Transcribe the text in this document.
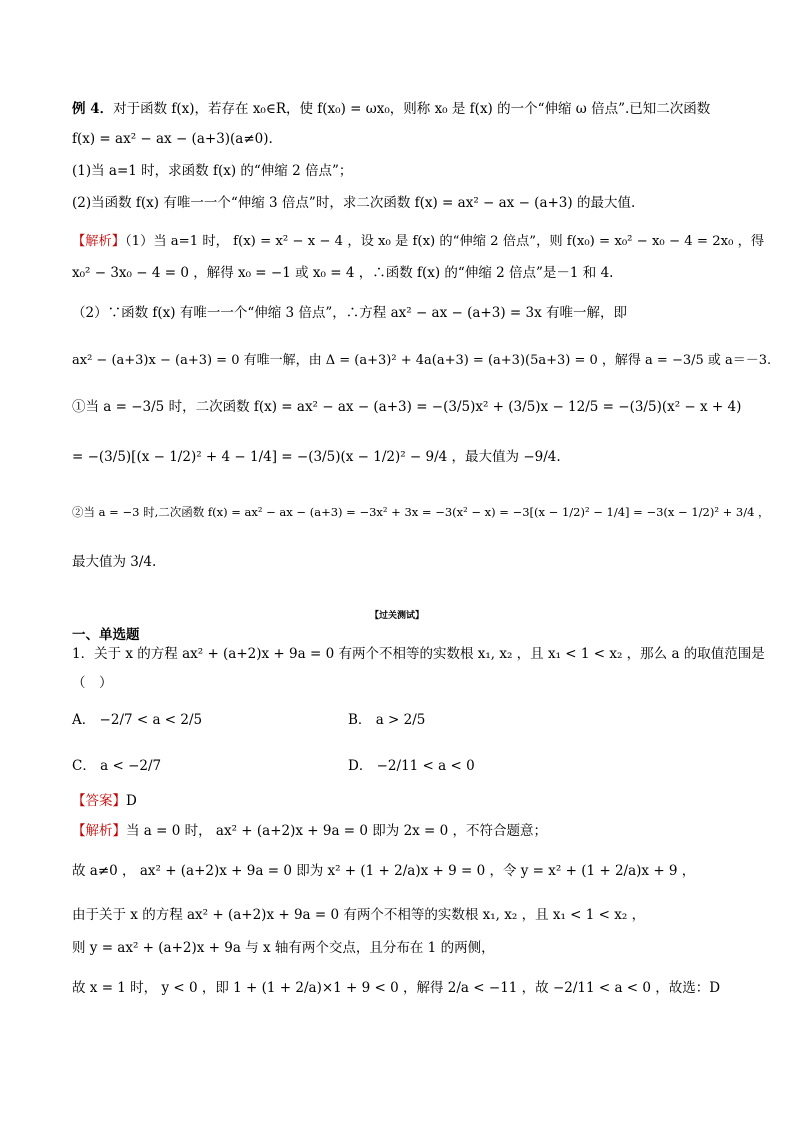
例 4．对于函数 f(x)，若存在 x₀∈R，使 f(x₀) = ωx₀，则称 x₀ 是 f(x) 的一个“伸缩 ω 倍点”.已知二次函数
f(x) = ax² − ax − (a+3)(a≠0).
(1)当 a=1 时，求函数 f(x) 的“伸缩 2 倍点”；
(2)当函数 f(x) 有唯一一个“伸缩 3 倍点”时，求二次函数 f(x) = ax² − ax − (a+3) 的最大值.
【解析】（1）当 a=1 时， f(x) = x² − x − 4 ，设 x₀ 是 f(x) 的“伸缩 2 倍点”，则 f(x₀) = x₀² − x₀ − 4 = 2x₀ ，得
x₀² − 3x₀ − 4 = 0 ，解得 x₀ = −1 或 x₀ = 4 ，∴函数 f(x) 的“伸缩 2 倍点”是－1 和 4.
（2）∵函数 f(x) 有唯一一个“伸缩 3 倍点”，∴方程 ax² − ax − (a+3) = 3x 有唯一解，即
ax² − (a+3)x − (a+3) = 0 有唯一解，由 Δ = (a+3)² + 4a(a+3) = (a+3)(5a+3) = 0 ，解得 a = −3/5 或 a＝－3.
①当 a = −3/5 时，二次函数 f(x) = ax² − ax − (a+3) = −(3/5)x² + (3/5)x − 12/5 = −(3/5)(x² − x + 4)
= −(3/5)[(x − 1/2)² + 4 − 1/4] = −(3/5)(x − 1/2)² − 9/4 ，最大值为 −9/4.
②当 a = −3 时,二次函数 f(x) = ax² − ax − (a+3) = −3x² + 3x = −3(x² − x) = −3[(x − 1/2)² − 1/4] = −3(x − 1/2)² + 3/4 ，
最大值为 3/4.
【过关测试】
一、单选题
1．关于 x 的方程 ax² + (a+2)x + 9a = 0 有两个不相等的实数根 x₁, x₂ ，且 x₁ < 1 < x₂ ，那么 a 的取值范围是
（　）
A． −2/7 < a < 2/5	B． a > 2/5
C． a < −2/7	D． −2/11 < a < 0
【答案】D
【解析】当 a = 0 时， ax² + (a+2)x + 9a = 0 即为 2x = 0 ，不符合题意；
故 a≠0 ， ax² + (a+2)x + 9a = 0 即为 x² + (1 + 2/a)x + 9 = 0 ，令 y = x² + (1 + 2/a)x + 9 ，
由于关于 x 的方程 ax² + (a+2)x + 9a = 0 有两个不相等的实数根 x₁, x₂ ，且 x₁ < 1 < x₂ ，
则 y = ax² + (a+2)x + 9a 与 x 轴有两个交点，且分布在 1 的两侧，
故 x = 1 时， y < 0 ，即 1 + (1 + 2/a)×1 + 9 < 0 ，解得 2/a < −11 ，故 −2/11 < a < 0 ，故选：D
